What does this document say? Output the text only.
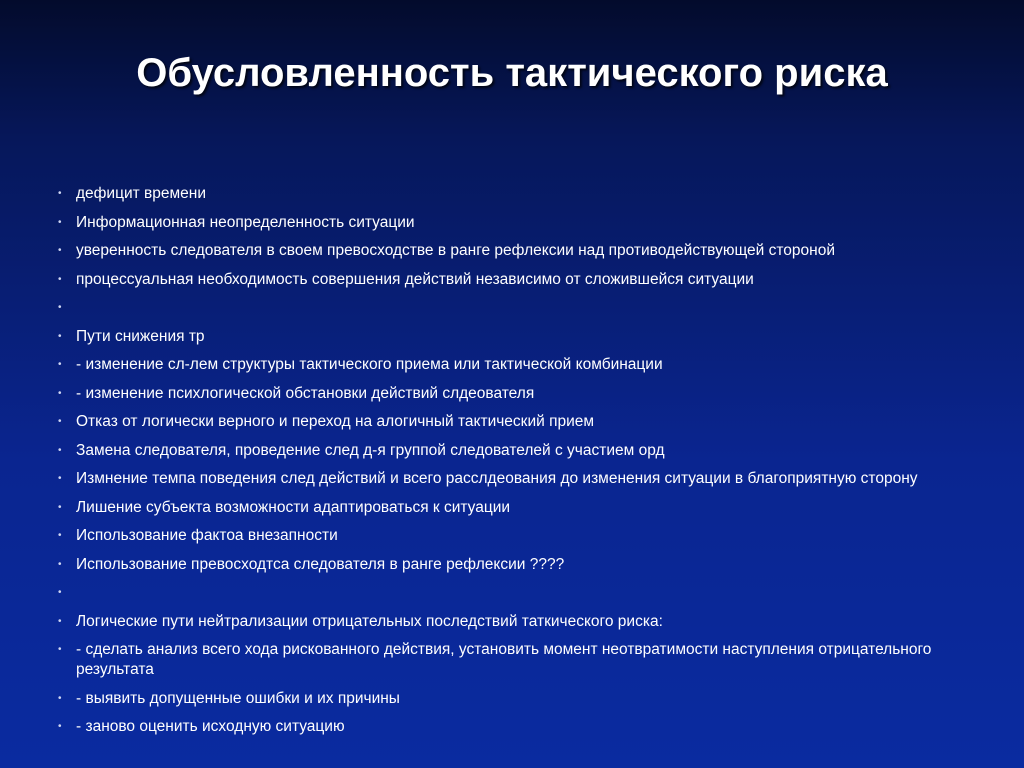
Обусловленность тактического риска
• дефицит времени
• Информационная неопределенность ситуации
• уверенность следователя в своем превосходстве в ранге рефлексии над противодействующей стороной
• процессуальная необходимость совершения действий независимо от сложившейся ситуации
•
• Пути снижения тр
• - изменение сл-лем структуры тактического приема или тактической комбинации
• - изменение психлогической обстановки действий слдеователя
• Отказ от логически верного и переход на алогичный тактический прием
• Замена следователя, проведение след д-я группой следователей с участием орд
• Измнение темпа поведения след действий и всего расслдеования до изменения ситуации в благоприятную сторону
• Лишение субъекта возможности адаптироваться к ситуации
• Использование фактоа внезапности
• Использование превосходтса следователя в ранге рефлексии ????
•
• Логические пути нейтрализации отрицательных последствий таткического риска:
• - сделать анализ всего хода рискованного действия, установить момент неотвратимости наступления отрицательного результата
• - выявить допущенные ошибки и их причины
• - заново оценить исходную ситуацию
